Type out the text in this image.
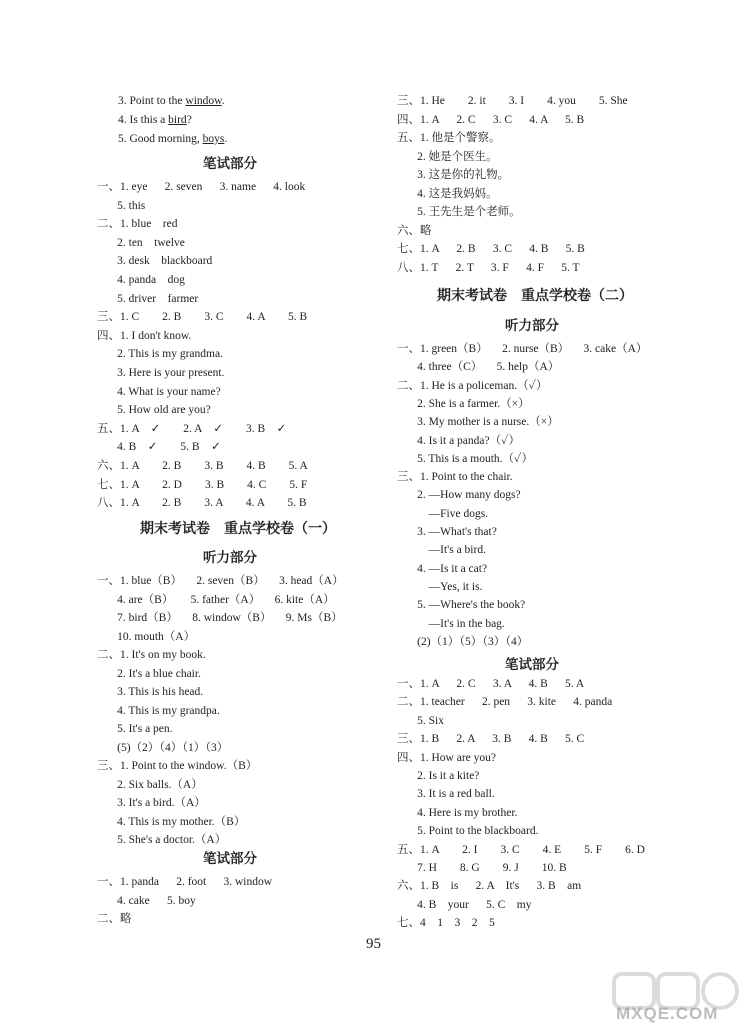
3. Point to the window.
4. Is this a bird?
5. Good morning, boys.
笔试部分
一、1. eye      2. seven      3. name      4. look
5. this
二、1. blue    red
2. ten    twelve
3. desk    blackboard
4. panda    dog
5. driver    farmer
三、1. C        2. B        3. C        4. A        5. B
四、1. I don't know.
2. This is my grandma.
3. Here is your present.
4. What is your name?
5. How old are you?
五、1. A    ✓        2. A    ✓        3. B    ✓
4. B    ✓        5. B    ✓
六、1. A        2. B        3. B        4. B        5. A
七、1. A        2. D        3. B        4. C        5. F
八、1. A        2. B        3. A        4. A        5. B
期末考试卷    重点学校卷（一）
听力部分
一、1. blue（B）     2. seven（B）     3. head（A）
4. are（B）      5. father（A）     6. kite（A）
7. bird（B）     8. window（B）     9. Ms（B）
10. mouth（A）
二、1. It's on my book.
2. It's a blue chair.
3. This is his head.
4. This is my grandpa.
5. It's a pen.
(5)（2）（4）（1）（3）
三、1. Point to the window.（B）
2. Six balls.（A）
3. It's a bird.（A）
4. This is my mother.（B）
5. She's a doctor.（A）
笔试部分
一、1. panda      2. foot      3. window
4. cake      5. boy
二、略
三、1. He        2. it        3. I        4. you        5. She
四、1. A      2. C      3. C      4. A      5. B
五、1. 他是个警察。
2. 她是个医生。
3. 这是你的礼物。
4. 这是我妈妈。
5. 王先生是个老师。
六、略
七、1. A      2. B      3. C      4. B      5. B
八、1. T      2. T      3. F      4. F      5. T
期末考试卷    重点学校卷（二）
听力部分
一、1. green（B）     2. nurse（B）     3. cake（A）
4. three（C）     5. help（A）
二、1. He is a policeman.（✓）
2. She is a farmer.（×）
3. My mother is a nurse.（×）
4. Is it a panda?（✓）
5. This is a mouth.（✓）
三、1. Point to the chair.
2. —How many dogs?
—Five dogs.
3. —What's that?
—It's a bird.
4. —Is it a cat?
—Yes, it is.
5. —Where's the book?
—It's in the bag.
(2)（1）（5）（3）（4）
笔试部分
一、1. A      2. C      3. A      4. B      5. A
二、1. teacher      2. pen      3. kite      4. panda
5. Six
三、1. B      2. A      3. B      4. B      5. C
四、1. How are you?
2. Is it a kite?
3. It is a red ball.
4. Here is my brother.
5. Point to the blackboard.
五、1. A        2. I        3. C        4. E        5. F        6. D
7. H        8. G        9. J        10. B
六、1. B    is      2. A    It's      3. B    am
4. B    your      5. C    my
七、4    1    3    2    5
95
MXQE.COM
